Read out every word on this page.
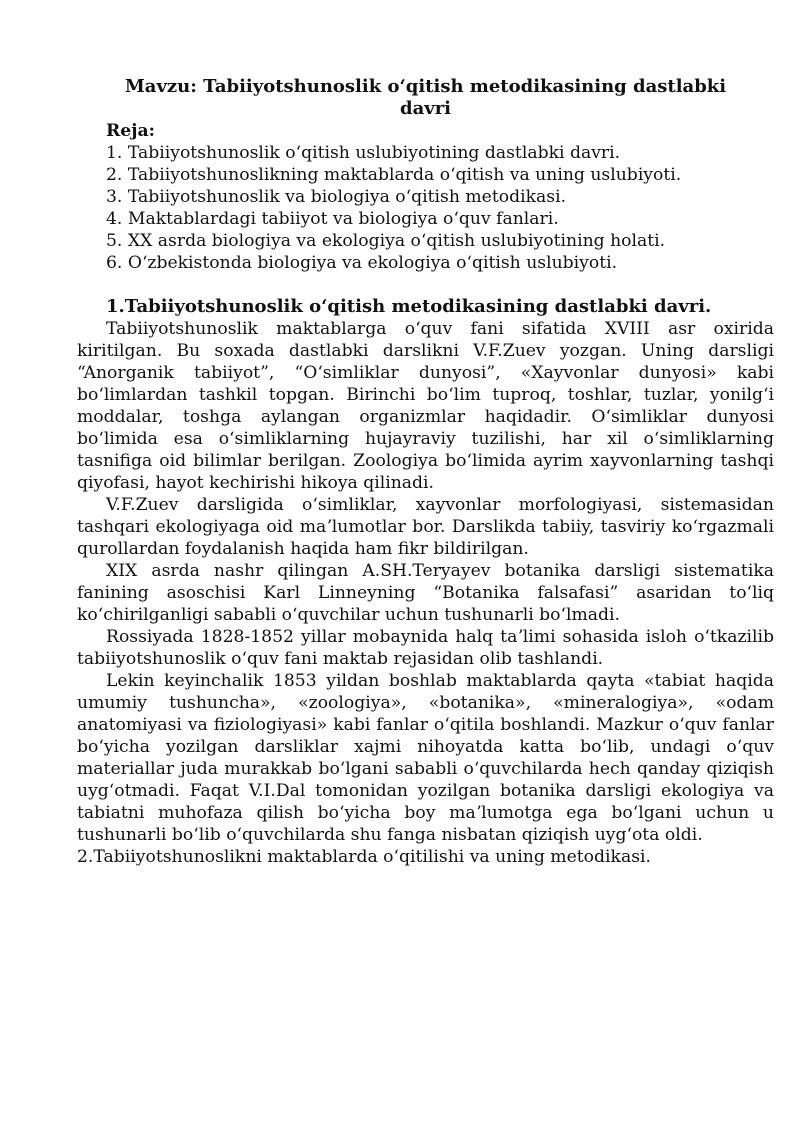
Mavzu: Tabiiyotshunoslik oʻqitish metodikasining dastlabki davri

Reja:

1. Tabiiyotshunoslik oʻqitish uslubiyotining dastlabki davri.
2. Tabiiyotshunoslikning maktablarda oʻqitish va uning uslubiyoti.
3. Tabiiyotshunoslik va biologiya oʻqitish metodikasi.
4. Maktablardagi tabiiyot va biologiya oʻquv fanlari.
5. XX asrda biologiya va ekologiya oʻqitish uslubiyotining holati.
6. Oʻzbekistonda biologiya va ekologiya oʻqitish uslubiyoti.

1.Tabiiyotshunoslik oʻqitish metodikasining dastlabki davri.

Tabiiyotshunoslik maktablarga oʻquv fani sifatida XVIII asr oxirida kiritilgan. Bu soxada dastlabki darslikni V.F.Zuev yozgan. Uning darsligi “Anorganik tabiiyot”, “Oʻsimliklar dunyosi”, «Xayvonlar dunyosi» kabi boʻlimlardan tashkil topgan. Birinchi boʻlim tuproq, toshlar, tuzlar, yonilgʻi moddalar, toshga aylangan organizmlar haqidadir. Oʻsimliklar dunyosi boʻlimida esa oʻsimliklarning hujayraviy tuzilishi, har xil oʻsimliklarning tasnifiga oid bilimlar berilgan. Zoologiya boʻlimida ayrim xayvonlarning tashqi qiyofasi, hayot kechirishi hikoya qilinadi.

V.F.Zuev darsligida oʻsimliklar, xayvonlar morfologiyasi, sistemasidan tashqari ekologiyaga oid maʼlumotlar bor. Darslikda tabiiy, tasviriy koʻrgazmali qurollardan foydalanish haqida ham fikr bildirilgan.

XIX asrda nashr qilingan A.SH.Teryayev botanika darsligi sistematika fanining asoschisi Karl Linneyning “Botanika falsafasi” asaridan toʻliq koʻchirilganligi sababli oʻquvchilar uchun tushunarli boʻlmadi.

Rossiyada 1828-1852 yillar mobaynida halq taʼlimi sohasida isloh oʻtkazilib tabiiyotshunoslik oʻquv fani maktab rejasidan olib tashlandi.

Lekin keyinchalik 1853 yildan boshlab maktablarda qayta «tabiat haqida umumiy tushuncha», «zoologiya», «botanika», «mineralogiya», «odam anatomiyasi va fiziologiyasi» kabi fanlar oʻqitila boshlandi. Mazkur oʻquv fanlar boʻyicha yozilgan darsliklar xajmi nihoyatda katta boʻlib, undagi oʻquv materiallar juda murakkab boʻlgani sababli oʻquvchilarda hech qanday qiziqish uygʻotmadi. Faqat V.I.Dal tomonidan yozilgan botanika darsligi ekologiya va tabiatni muhofaza qilish boʻyicha boy maʼlumotga ega boʻlgani uchun u tushunarli boʻlib oʻquvchilarda shu fanga nisbatan qiziqish uygʻota oldi.

2.Tabiiyotshunoslikni maktablarda oʻqitilishi va uning metodikasi.
